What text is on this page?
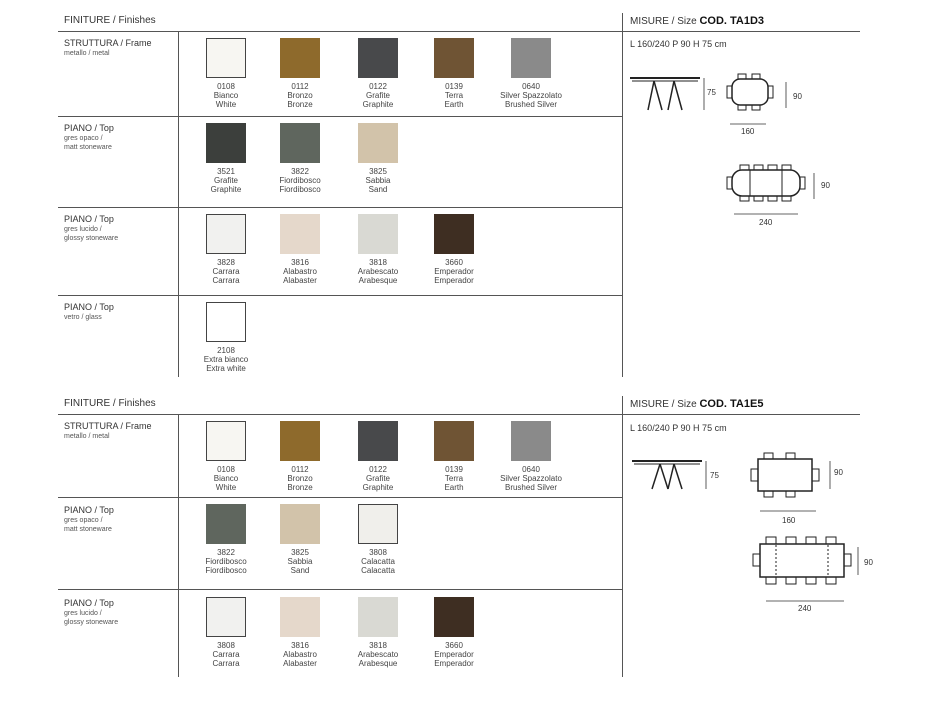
FINITURE / Finishes	MISURE / Size COD. TA1D3
STRUTTURA / Frame
metallo / metal
PIANO / Top
gres opaco /
matt stoneware
PIANO / Top
gres lucido /
glossy stoneware
PIANO / Top
vetro / glass
0108
Bianco
White
0112
Bronzo
Bronze
0122
Grafite
Graphite
0139
Terra
Earth
0640
Silver Spazzolato
Brushed Silver
3521
Grafite
Graphite
3822
Fiordibosco
Fiordibosco
3825
Sabbia
Sand
3828
Carrara
Carrara
3816
Alabastro
Alabaster
3818
Arabescato
Arabesque
3660
Emperador
Emperador
2108
Extra bianco
Extra white
L 160/240 P 90 H 75 cm
75
160
90
240
90
FINITURE / Finishes	MISURE / Size COD. TA1E5
STRUTTURA / Frame
metallo / metal
PIANO / Top
gres opaco /
matt stoneware
PIANO / Top
gres lucido /
glossy stoneware
0108
Bianco
White
0112
Bronzo
Bronze
0122
Grafite
Graphite
0139
Terra
Earth
0640
Silver Spazzolato
Brushed Silver
3822
Fiordibosco
Fiordibosco
3825
Sabbia
Sand
3808
Calacatta
Calacatta
3808
Carrara
Carrara
3816
Alabastro
Alabaster
3818
Arabescato
Arabesque
3660
Emperador
Emperador
L 160/240 P 90 H 75 cm
75
160
90
240
90
